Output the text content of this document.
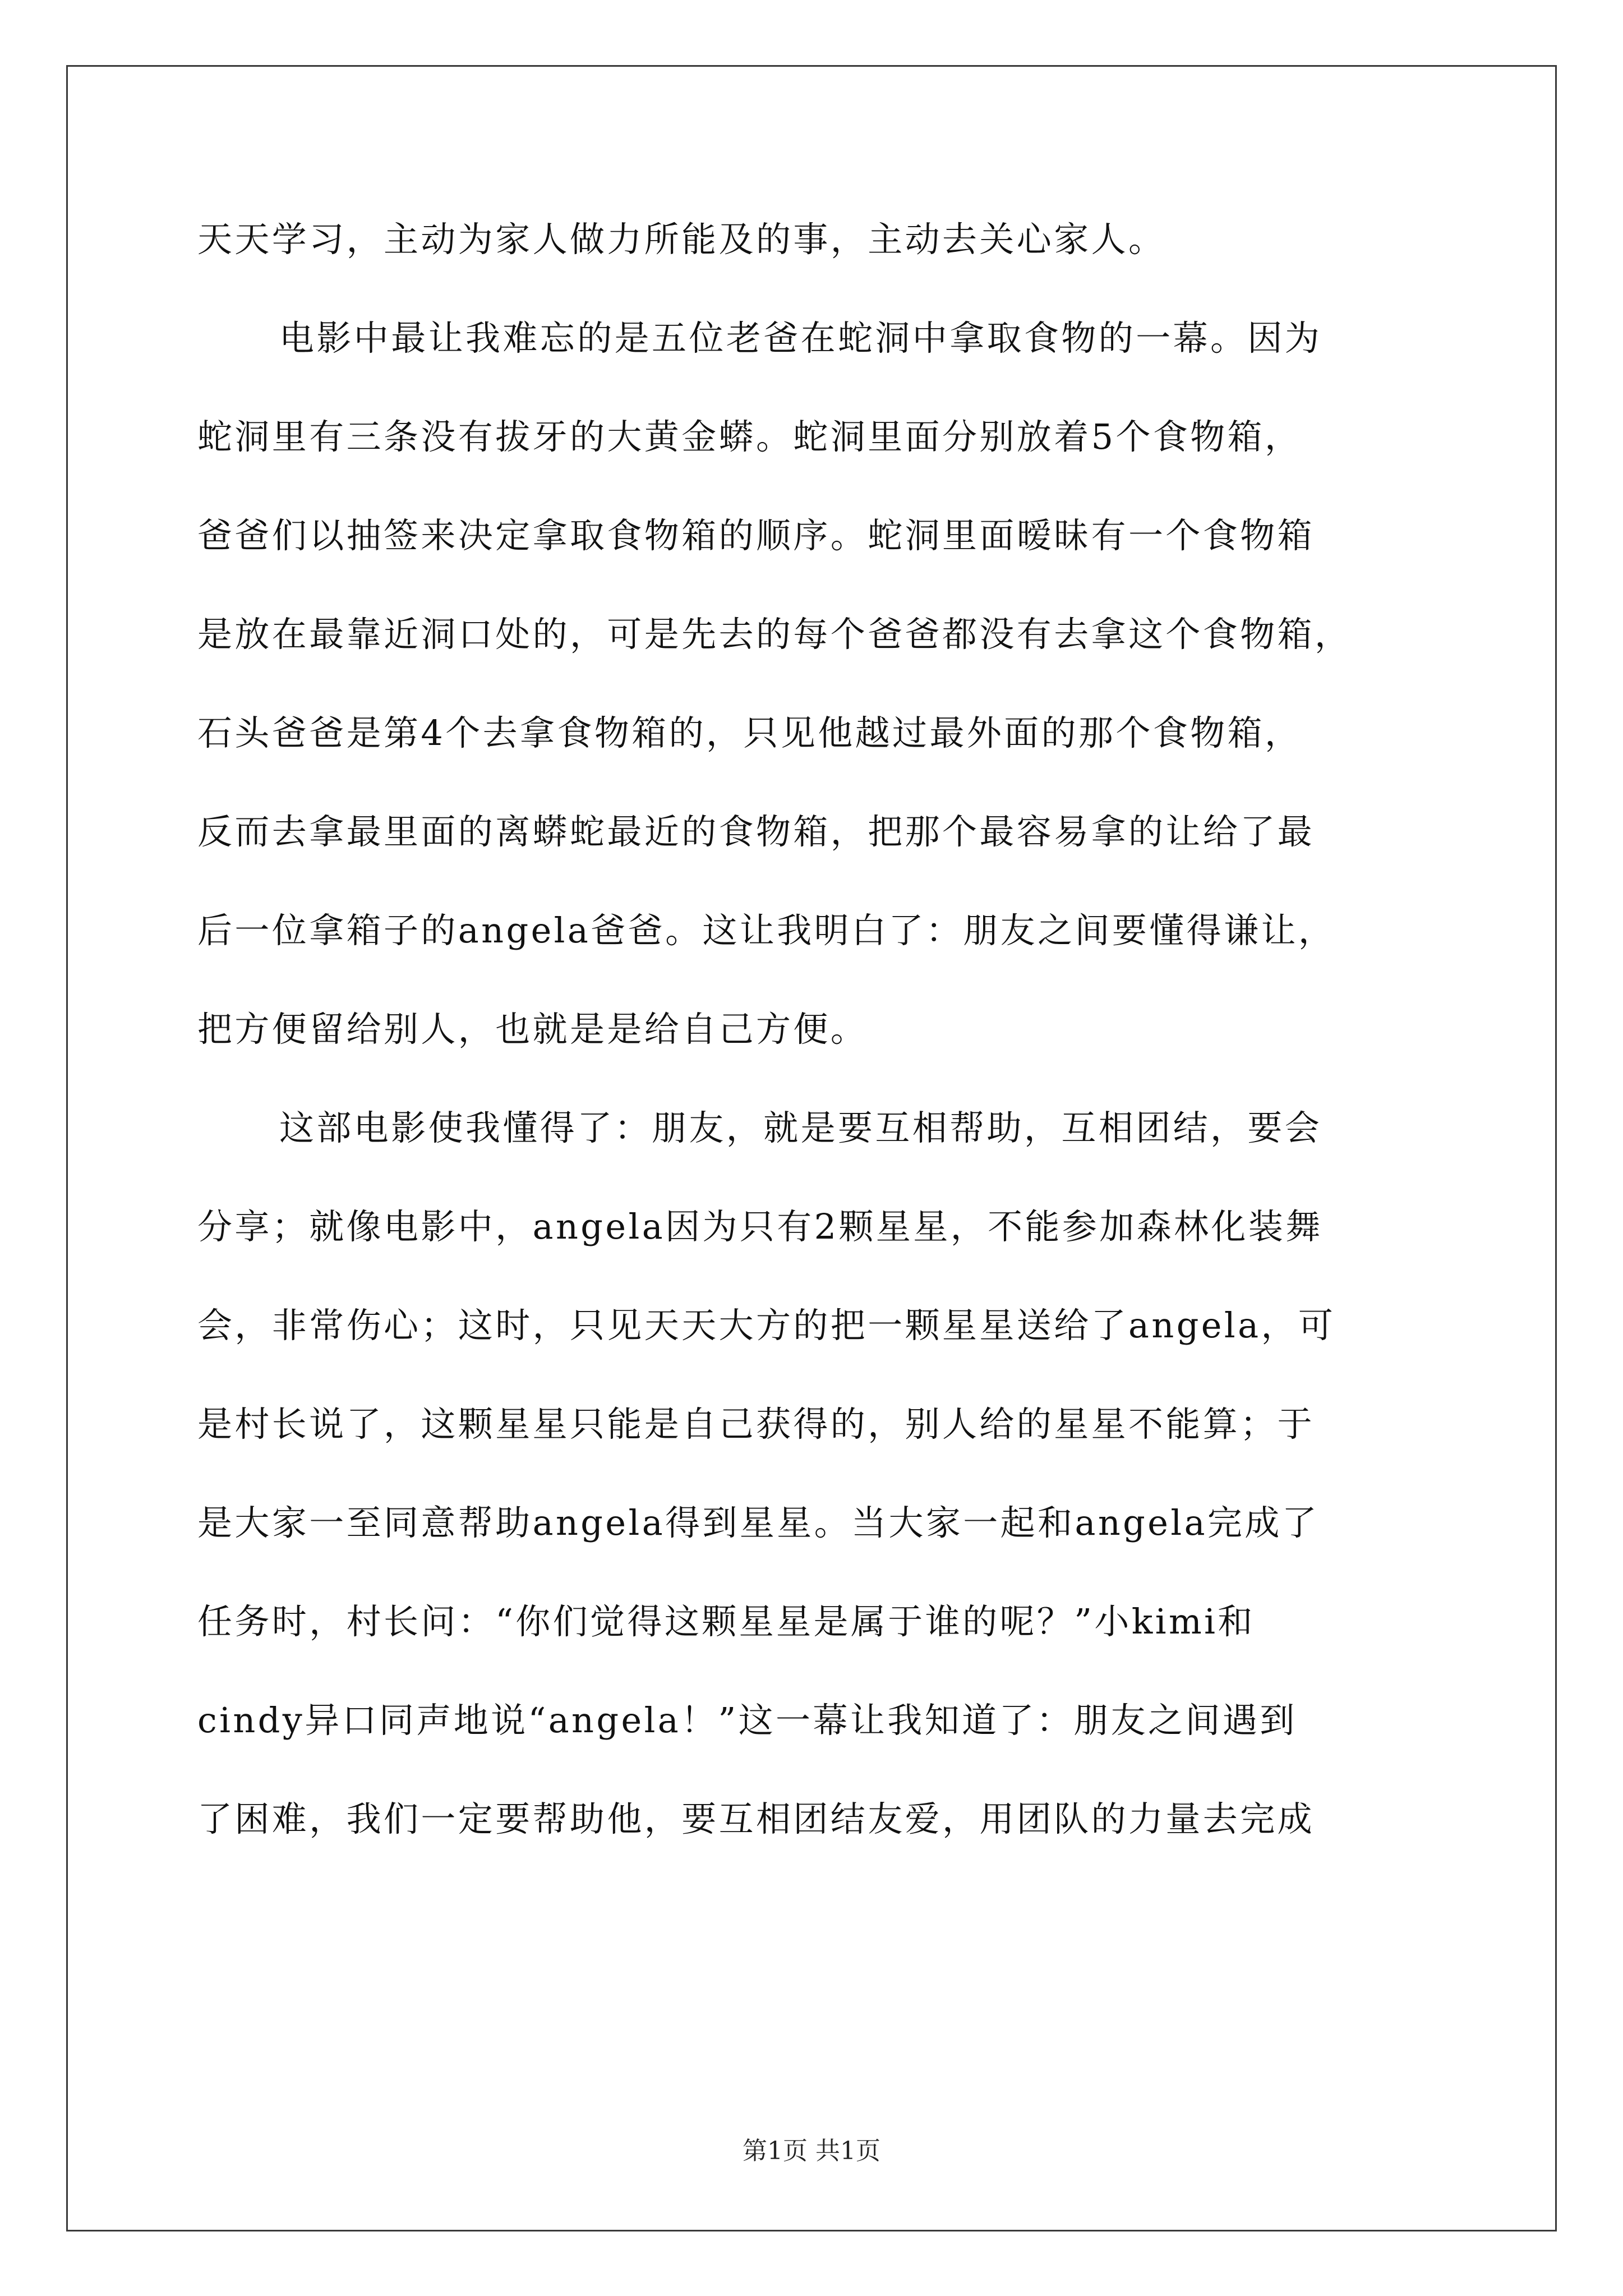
天天学习，主动为家人做力所能及的事，主动去关心家人。
电影中最让我难忘的是五位老爸在蛇洞中拿取食物的一幕。因为
蛇洞里有三条没有拔牙的大黄金蟒。蛇洞里面分别放着5个食物箱，
爸爸们以抽签来决定拿取食物箱的顺序。蛇洞里面暧昧有一个食物箱
是放在最靠近洞口处的，可是先去的每个爸爸都没有去拿这个食物箱，
石头爸爸是第4个去拿食物箱的，只见他越过最外面的那个食物箱，
反而去拿最里面的离蟒蛇最近的食物箱，把那个最容易拿的让给了最
后一位拿箱子的angela爸爸。这让我明白了：朋友之间要懂得谦让，
把方便留给别人，也就是是给自己方便。
这部电影使我懂得了：朋友，就是要互相帮助，互相团结，要会
分享；就像电影中，angela因为只有2颗星星，不能参加森林化装舞
会，非常伤心；这时，只见天天大方的把一颗星星送给了angela，可
是村长说了，这颗星星只能是自己获得的，别人给的星星不能算；于
是大家一至同意帮助angela得到星星。当大家一起和angela完成了
任务时，村长问：“你们觉得这颗星星是属于谁的呢？”小kimi和
cindy异口同声地说“angela！”这一幕让我知道了：朋友之间遇到
了困难，我们一定要帮助他，要互相团结友爱，用团队的力量去完成
第1页 共1页
